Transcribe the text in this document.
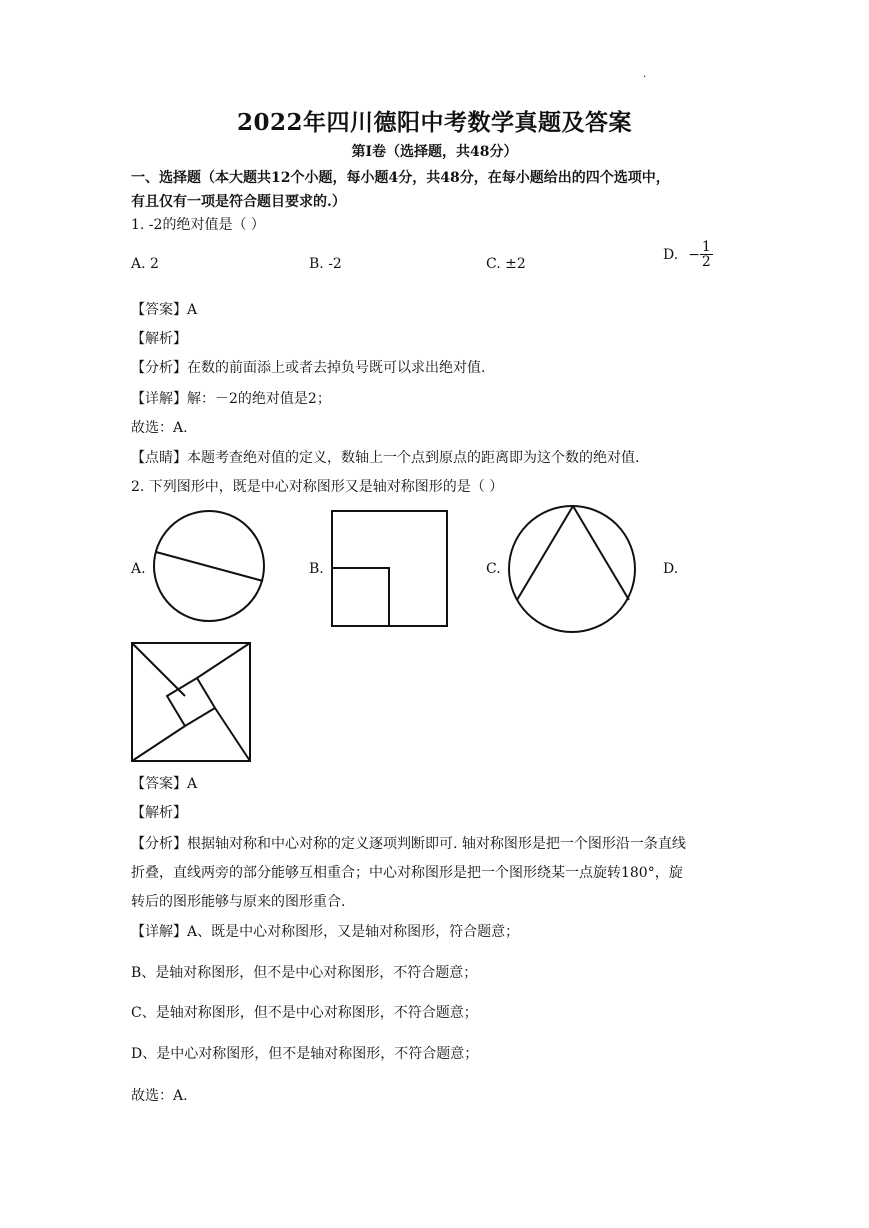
·
2022年四川德阳中考数学真题及答案
第Ⅰ卷（选择题，共48分）
一、选择题（本大题共12个小题，每小题4分，共48分，在每小题给出的四个选项中，
有且仅有一项是符合题目要求的.）
1. -2的绝对值是（ ）
A. 2	B. -2	C. ±2
D. − $\frac{1}{2}$
【答案】A
【解析】
【分析】在数的前面添上或者去掉负号既可以求出绝对值.
【详解】解：－2的绝对值是2；
故选：A.
【点睛】本题考查绝对值的定义，数轴上一个点到原点的距离即为这个数的绝对值.
2. 下列图形中，既是中心对称图形又是轴对称图形的是（ ）
A.	B.	C.	D.
【答案】A
【解析】
【分析】根据轴对称和中心对称的定义逐项判断即可. 轴对称图形是把一个图形沿一条直线
折叠，直线两旁的部分能够互相重合；中心对称图形是把一个图形绕某一点旋转180°，旋
转后的图形能够与原来的图形重合.
【详解】A、既是中心对称图形，又是轴对称图形，符合题意；
B、是轴对称图形，但不是中心对称图形，不符合题意；
C、是轴对称图形，但不是中心对称图形，不符合题意；
D、是中心对称图形，但不是轴对称图形，不符合题意；
故选：A.
